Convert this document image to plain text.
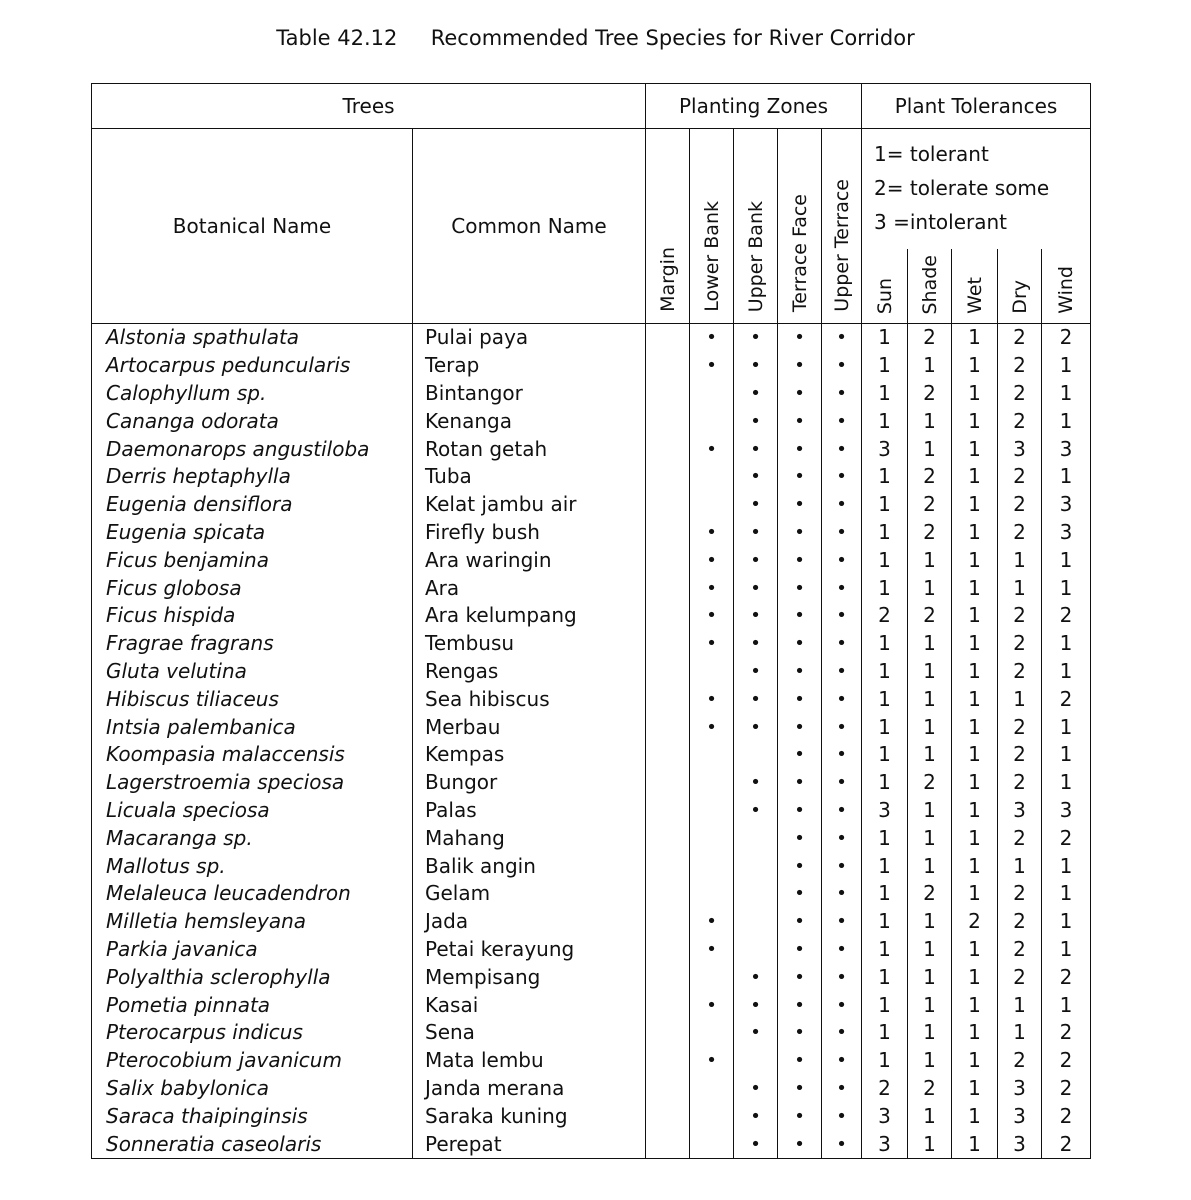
Table 42.12     Recommended Tree Species for River Corridor
Trees		Planting Zones					Plant Tolerances				
Botanical Name	Common Name	Margin	Lower Bank	Upper Bank	Terrace Face	Upper Terrace	1= tolerant
2= tolerate some
3 =intolerant				

							Sun	Shade	Wet	Dry	Wind
Alstonia spathulata	Pulai paya		•	•	•	•	1	2	1	2	2
Artocarpus peduncularis	Terap		•	•	•	•	1	1	1	2	1
Calophyllum sp.	Bintangor			•	•	•	1	2	1	2	1
Cananga odorata	Kenanga			•	•	•	1	1	1	2	1
Daemonarops angustiloba	Rotan getah		•	•	•	•	3	1	1	3	3
Derris heptaphylla	Tuba			•	•	•	1	2	1	2	1
Eugenia densiflora	Kelat jambu air			•	•	•	1	2	1	2	3
Eugenia spicata	Firefly bush		•	•	•	•	1	2	1	2	3
Ficus benjamina	Ara waringin		•	•	•	•	1	1	1	1	1
Ficus globosa	Ara		•	•	•	•	1	1	1	1	1
Ficus hispida	Ara kelumpang		•	•	•	•	2	2	1	2	2
Fragrae fragrans	Tembusu		•	•	•	•	1	1	1	2	1
Gluta velutina	Rengas			•	•	•	1	1	1	2	1
Hibiscus tiliaceus	Sea hibiscus		•	•	•	•	1	1	1	1	2
Intsia palembanica	Merbau		•	•	•	•	1	1	1	2	1
Koompasia malaccensis	Kempas				•	•	1	1	1	2	1
Lagerstroemia speciosa	Bungor			•	•	•	1	2	1	2	1
Licuala speciosa	Palas			•	•	•	3	1	1	3	3
Macaranga sp.	Mahang				•	•	1	1	1	2	2
Mallotus sp.	Balik angin				•	•	1	1	1	1	1
Melaleuca leucadendron	Gelam				•	•	1	2	1	2	1
Milletia hemsleyana	Jada		•		•	•	1	1	2	2	1
Parkia javanica	Petai kerayung		•		•	•	1	1	1	2	1
Polyalthia sclerophylla	Mempisang			•	•	•	1	1	1	2	2
Pometia pinnata	Kasai		•	•	•	•	1	1	1	1	1
Pterocarpus indicus	Sena			•	•	•	1	1	1	1	2
Pterocobium javanicum	Mata lembu		•		•	•	1	1	1	2	2
Salix babylonica	Janda merana			•	•	•	2	2	1	3	2
Saraca thaipinginsis	Saraka kuning			•	•	•	3	1	1	3	2
Sonneratia caseolaris	Perepat			•	•	•	3	1	1	3	2
